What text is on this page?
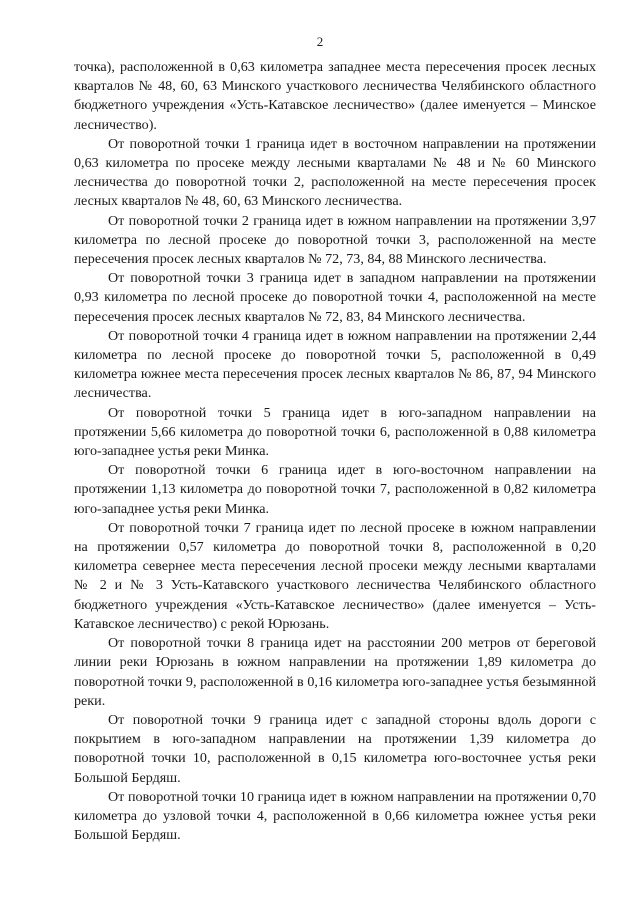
2

точка), расположенной в 0,63 километра западнее места пересечения просек лесных кварталов № 48, 60, 63 Минского участкового лесничества Челябинского областного бюджетного учреждения «Усть-Катавское лесничество» (далее именуется – Минское лесничество).

От поворотной точки 1 граница идет в восточном направлении на протяжении 0,63 километра по просеке между лесными кварталами № 48 и № 60 Минского лесничества до поворотной точки 2, расположенной на месте пересечения просек лесных кварталов № 48, 60, 63 Минского лесничества.

От поворотной точки 2 граница идет в южном направлении на протяжении 3,97 километра по лесной просеке до поворотной точки 3, расположенной на месте пересечения просек лесных кварталов № 72, 73, 84, 88 Минского лесничества.

От поворотной точки 3 граница идет в западном направлении на протяжении 0,93 километра по лесной просеке до поворотной точки 4, расположенной на месте пересечения просек лесных кварталов № 72, 83, 84 Минского лесничества.

От поворотной точки 4 граница идет в южном направлении на протяжении 2,44 километра по лесной просеке до поворотной точки 5, расположенной в 0,49 километра южнее места пересечения просек лесных кварталов № 86, 87, 94 Минского лесничества.

От поворотной точки 5 граница идет в юго-западном направлении на протяжении 5,66 километра до поворотной точки 6, расположенной в 0,88 километра юго-западнее устья реки Минка.

От поворотной точки 6 граница идет в юго-восточном направлении на протяжении 1,13 километра до поворотной точки 7, расположенной в 0,82 километра юго-западнее устья реки Минка.

От поворотной точки 7 граница идет по лесной просеке в южном направлении на протяжении 0,57 километра до поворотной точки 8, расположенной в 0,20 километра севернее места пересечения лесной просеки между лесными кварталами № 2 и № 3 Усть-Катавского участкового лесничества Челябинского областного бюджетного учреждения «Усть-Катавское лесничество» (далее именуется – Усть-Катавское лесничество) с рекой Юрюзань.

От поворотной точки 8 граница идет на расстоянии 200 метров от береговой линии реки Юрюзань в южном направлении на протяжении 1,89 километра до поворотной точки 9, расположенной в 0,16 километра юго-западнее устья безымянной реки.

От поворотной точки 9 граница идет с западной стороны вдоль дороги с покрытием в юго-западном направлении на протяжении 1,39 километра до поворотной точки 10, расположенной в 0,15 километра юго-восточнее устья реки Большой Бердяш.

От поворотной точки 10 граница идет в южном направлении на протяжении 0,70 километра до узловой точки 4, расположенной в 0,66 километра южнее устья реки Большой Бердяш.
